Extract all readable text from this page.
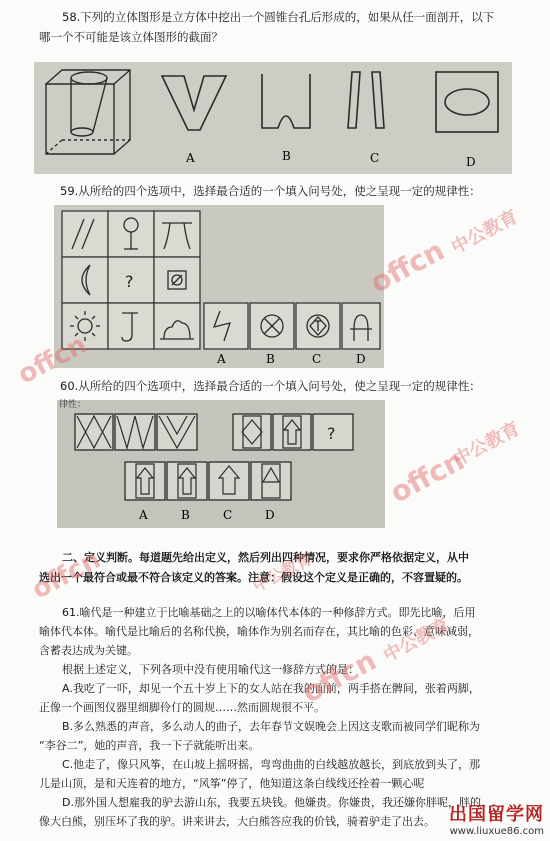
58.下列的立体图形是立方体中挖出一个圆锥台孔后形成的，如果从任一面剖开，以下
哪一个不可能是该立体图形的截面？
A	B	C	D
59.从所给的四个选项中，选择最合适的一个填入问号处，使之呈现一定的规律性：
?
A	B	C	D
60.从所给的四个选项中，选择最合适的一个填入问号处，使之呈现一定的规律性：
律性：
?
A	B	C	D
二、定义判断。每道题先给出定义，然后列出四种情况，要求你严格依据定义，从中
选出一个最符合或最不符合该定义的答案。注意：假设这个定义是正确的，不容置疑的。
61.喻代是一种建立于比喻基础之上的以喻体代本体的一种修辞方式。即先比喻，后用
喻体代本体。喻代是比喻后的名称代换，喻体作为别名而存在，其比喻的色彩、意味减弱，
含蓄表达成为关键。
根据上述定义，下列各项中没有使用喻代这一修辞方式的是：
A.我吃了一吓，却见一个五十岁上下的女人站在我的面前，两手搭在髀间，张着两脚，
正像一个画图仪器里细脚伶仃的圆规……然而圆规很不平。
B.多么熟悉的声音，多么动人的曲子，去年春节文娱晚会上因这支歌而被同学们昵称为
“李谷二”，她的声音，我一下子就能听出来。
C.他走了，像只风筝，在山坡上摇呀摇，弯弯曲曲的白线越放越长，到底放到头了，那
儿是山顶，是和天连着的地方，“风筝”停了，他知道这条白线线还拴着一颗心呢
D.那外国人想雇我的驴去游山东，我要五块钱。他嫌贵。你嫌贵，我还嫌你胖呢，胖的
像大白熊，别压坏了我的驴。讲来讲去，大白熊答应我的价钱，骑着驴走了出去。
offcn
中公教育
offcn
offcn
中公教育
offcn	中公教育
offcn
中公教育
出国留学网
www.liuxue86.com
